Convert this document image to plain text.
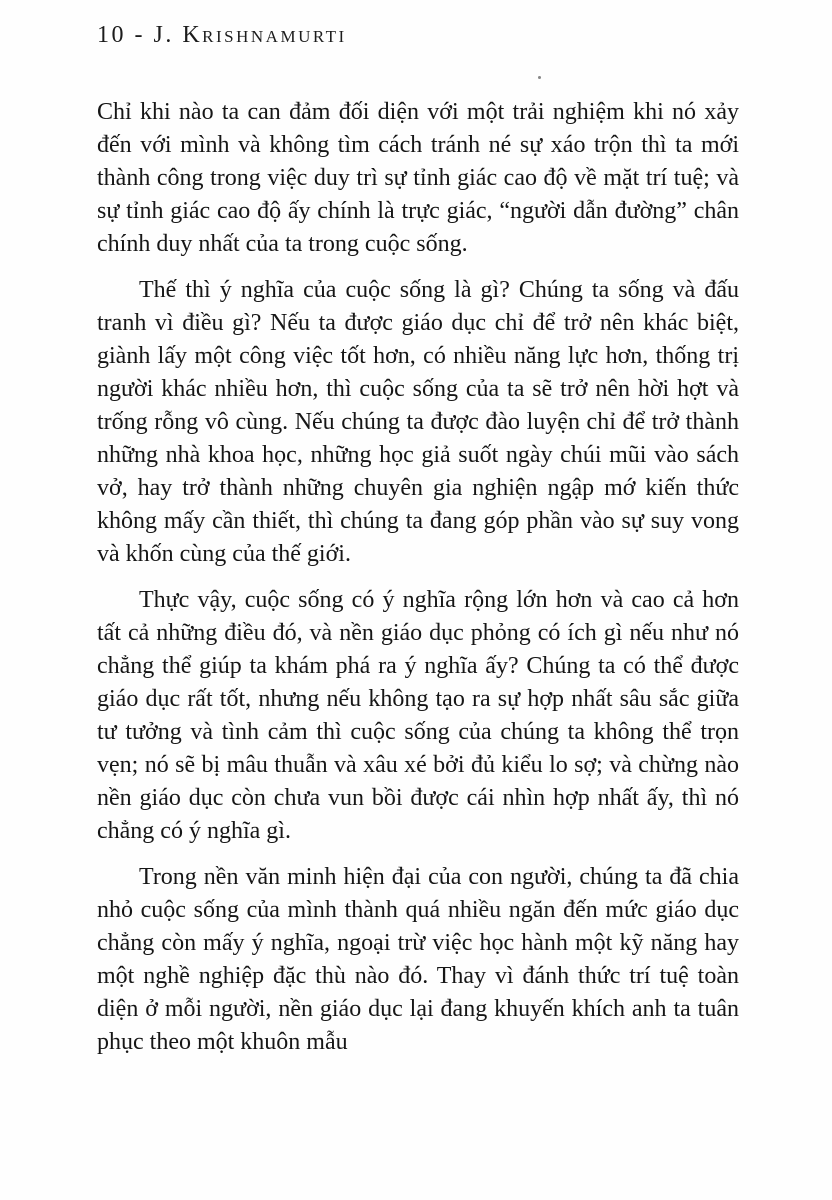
10 - J. Krishnamurti

Chỉ khi nào ta can đảm đối diện với một trải nghiệm khi nó xảy đến với mình và không tìm cách tránh né sự xáo trộn thì ta mới thành công trong việc duy trì sự tỉnh giác cao độ về mặt trí tuệ; và sự tỉnh giác cao độ ấy chính là trực giác, “người dẫn đường” chân chính duy nhất của ta trong cuộc sống.

Thế thì ý nghĩa của cuộc sống là gì? Chúng ta sống và đấu tranh vì điều gì? Nếu ta được giáo dục chỉ để trở nên khác biệt, giành lấy một công việc tốt hơn, có nhiều năng lực hơn, thống trị người khác nhiều hơn, thì cuộc sống của ta sẽ trở nên hời hợt và trống rỗng vô cùng. Nếu chúng ta được đào luyện chỉ để trở thành những nhà khoa học, những học giả suốt ngày chúi mũi vào sách vở, hay trở thành những chuyên gia nghiện ngập mớ kiến thức không mấy cần thiết, thì chúng ta đang góp phần vào sự suy vong và khốn cùng của thế giới.

Thực vậy, cuộc sống có ý nghĩa rộng lớn hơn và cao cả hơn tất cả những điều đó, và nền giáo dục phỏng có ích gì nếu như nó chẳng thể giúp ta khám phá ra ý nghĩa ấy? Chúng ta có thể được giáo dục rất tốt, nhưng nếu không tạo ra sự hợp nhất sâu sắc giữa tư tưởng và tình cảm thì cuộc sống của chúng ta không thể trọn vẹn; nó sẽ bị mâu thuẫn và xâu xé bởi đủ kiểu lo sợ; và chừng nào nền giáo dục còn chưa vun bồi được cái nhìn hợp nhất ấy, thì nó chẳng có ý nghĩa gì.

Trong nền văn minh hiện đại của con người, chúng ta đã chia nhỏ cuộc sống của mình thành quá nhiều ngăn đến mức giáo dục chẳng còn mấy ý nghĩa, ngoại trừ việc học hành một kỹ năng hay một nghề nghiệp đặc thù nào đó. Thay vì đánh thức trí tuệ toàn diện ở mỗi người, nền giáo dục lại đang khuyến khích anh ta tuân phục theo một khuôn mẫu
